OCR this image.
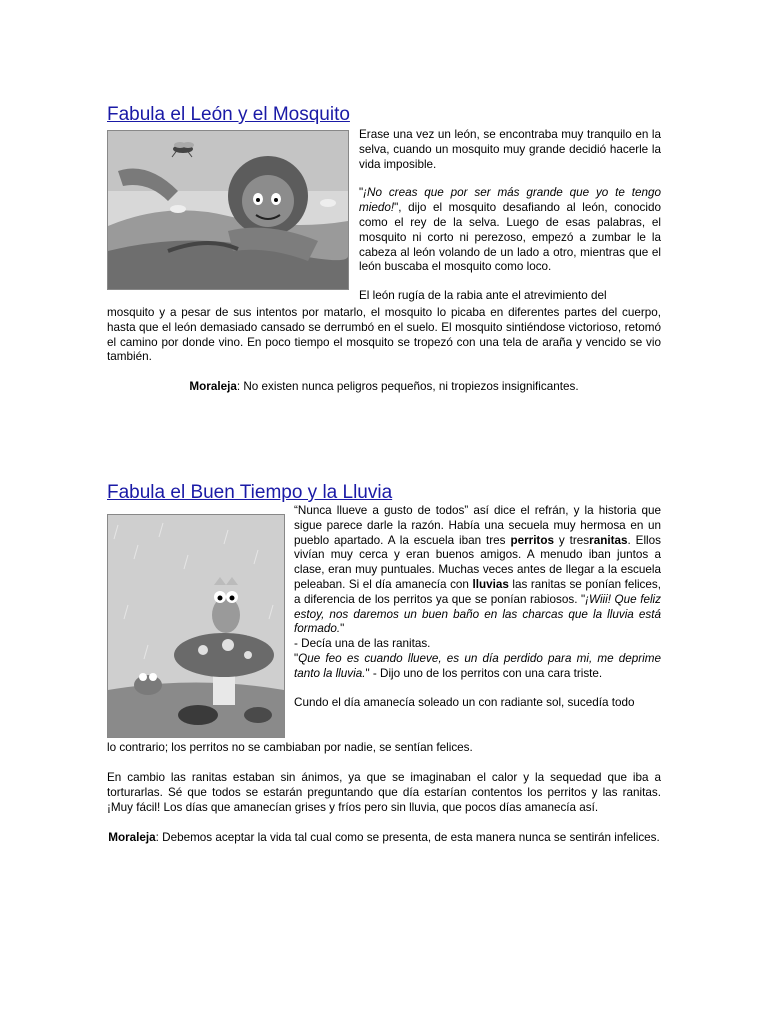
Fabula el León y el Mosquito

Erase una vez un león, se encontraba muy tranquilo en la selva, cuando un mosquito muy grande decidió hacerle la vida imposible.

"¡No creas que por ser más grande que yo te tengo miedo!", dijo el mosquito desafiando al león, conocido como el rey de la selva. Luego de esas palabras, el mosquito ni corto ni perezoso, empezó a zumbar le la cabeza al león volando de un lado a otro, mientras que el león buscaba el mosquito como loco.

El león rugía de la rabia ante el atrevimiento del

mosquito y a pesar de sus intentos por matarlo, el mosquito lo picaba en diferentes partes del cuerpo, hasta que el león demasiado cansado se derrumbó en el suelo. El mosquito sintiéndose victorioso, retomó el camino por donde vino. En poco tiempo el mosquito se tropezó con una tela de araña y vencido se vio también.
Moraleja: No existen nunca peligros pequeños, ni tropiezos insignificantes.
Fabula el Buen Tiempo y la Lluvia

“Nunca llueve a gusto de todos” así dice el refrán, y la historia que sigue parece darle la razón. Había una secuela muy hermosa en un pueblo apartado. A la escuela iban tres perritos y tresranitas. Ellos vivían muy cerca y eran buenos amigos. A menudo iban juntos a clase, eran muy puntuales. Muchas veces antes de llegar a la escuela peleaban. Si el día amanecía con lluvias las ranitas se ponían felices, a diferencia de los perritos ya que se ponían rabiosos. "¡Wiii! Que feliz estoy, nos daremos un buen baño en las charcas que la lluvia está formado."

- Decía una de las ranitas.

"Que feo es cuando llueve, es un día perdido para mi, me deprime tanto la lluvia." - Dijo uno de los perritos con una cara triste.

Cundo el día amanecía soleado un con radiante sol, sucedía todo

lo contrario; los perritos no se cambiaban por nadie, se sentían felices.
En cambio las ranitas estaban sin ánimos, ya que se imaginaban el calor y la sequedad que iba a torturarlas. Sé que todos se estarán preguntando que día estarían contentos los perritos y las ranitas. ¡Muy fácil! Los días que amanecían grises y fríos pero sin lluvia, que pocos días amanecía así.
Moraleja: Debemos aceptar la vida tal cual como se presenta, de esta manera nunca se sentirán infelices.
